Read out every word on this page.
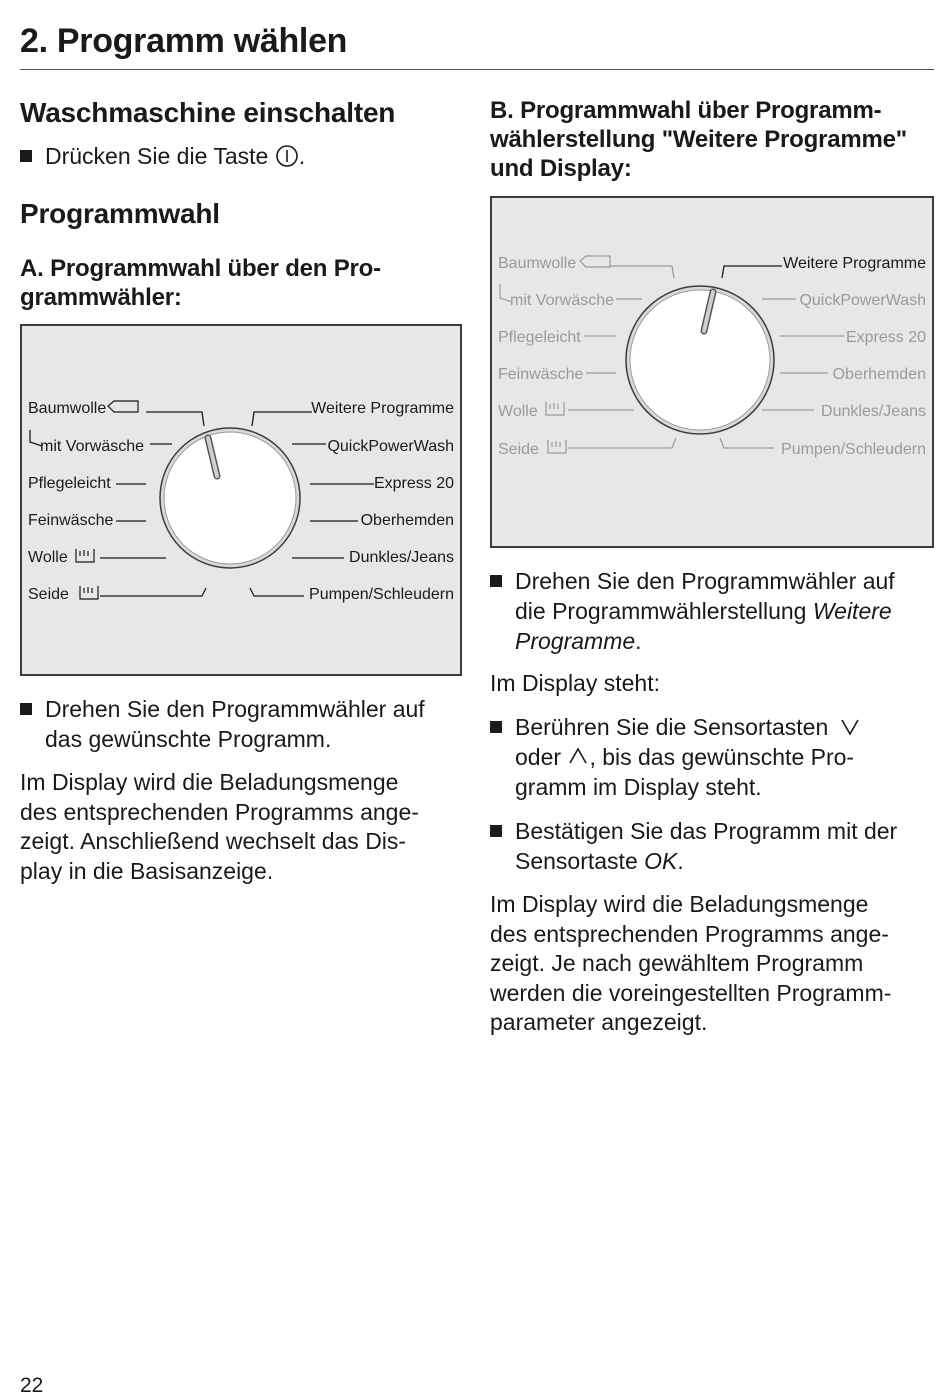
2. Programm wählen
Waschmaschine einschalten

Drücken Sie die Taste .

Programmwahl
A. Programmwahl über den Pro-
grammwähler:
Baumwolle
mit Vorwäsche
Pflegeleicht
Feinwäsche
Wolle
Seide
Weitere Programme
QuickPowerWash
Express 20
Oberhemden
Dunkles/Jeans
Pumpen/Schleudern

Drehen Sie den Programmwähler auf
das gewünschte Programm.

Im Display wird die Beladungsmenge
des entsprechenden Programms ange-
zeigt. Anschließend wechselt das Dis-
play in die Basisanzeige.

B. Programmwahl über Programm-
wählerstellung "Weitere Programme"
und Display:
Baumwolle
mit Vorwäsche
Pflegeleicht
Feinwäsche
Wolle
Seide
QuickPowerWash
Express 20
Oberhemden
Dunkles/Jeans
Pumpen/Schleudern
Weitere Programme

Drehen Sie den Programmwähler auf
die Programmwählerstellung Weitere
Programme.

Im Display steht:

Berühren Sie die Sensortasten
oder , bis das gewünschte Pro-
gramm im Display steht.

Bestätigen Sie das Programm mit der
Sensortaste OK.

Im Display wird die Beladungsmenge
des entsprechenden Programms ange-
zeigt. Je nach gewähltem Programm
werden die voreingestellten Programm-
parameter angezeigt.

22
